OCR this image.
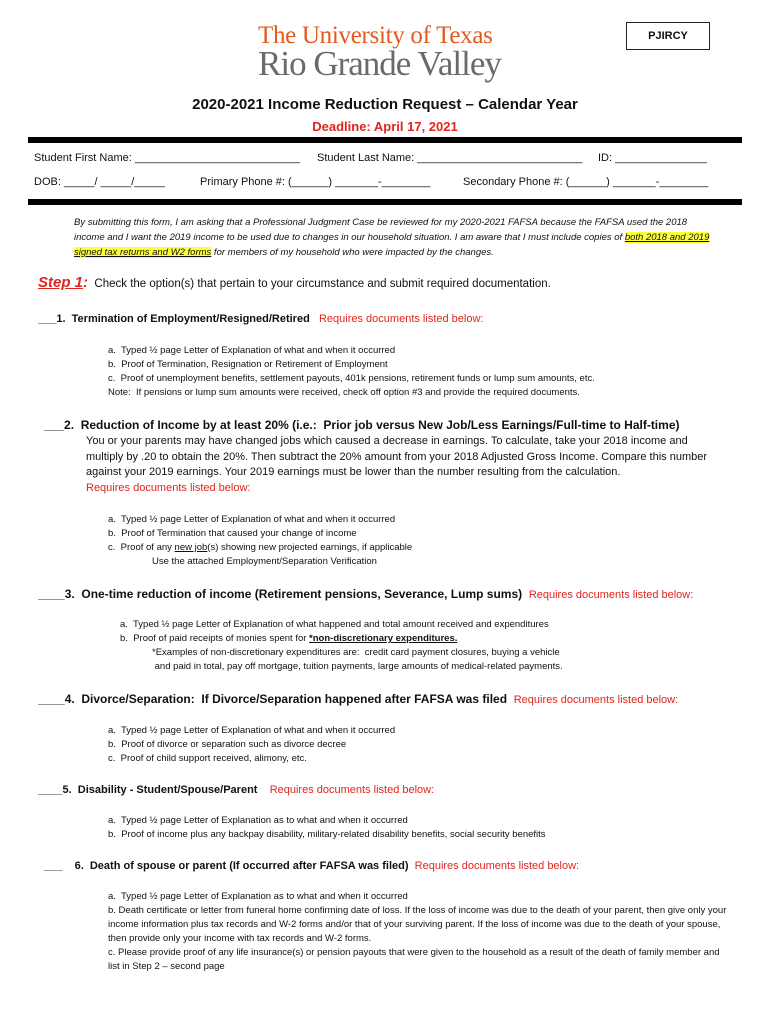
The University of Texas
Rio Grande Valley
PJIRCY
2020-2021 Income Reduction Request – Calendar Year
Deadline: April 17, 2021
Student First Name: ___________________________ Student Last Name: ___________________________ ID: _______________
DOB: _____/ _____/_____	Primary Phone #: (______) _______-________	Secondary Phone #: (______) _______-________
By submitting this form, I am asking that a Professional Judgment Case be reviewed for my 2020-2021 FAFSA because the FAFSA used the 2018 income and I want the 2019 income to be used due to changes in our household situation. I am aware that I must include copies of both 2018 and 2019 signed tax returns and W2 forms for members of my household who were impacted by the changes.
Step 1:  Check the option(s) that pertain to your circumstance and submit required documentation.
___1.  Termination of Employment/Resigned/Retired Requires documents listed below:
a.  Typed ½ page Letter of Explanation of what and when it occurred
b.  Proof of Termination, Resignation or Retirement of Employment
c.  Proof of unemployment benefits, settlement payouts, 401k pensions, retirement funds or lump sum amounts, etc.
Note:  If pensions or lump sum amounts were received, check off option #3 and provide the required documents.
___2.  Reduction of Income by at least 20% (i.e.:  Prior job versus New Job/Less Earnings/Full-time to Half-time)
You or your parents may have changed jobs which caused a decrease in earnings. To calculate, take your 2018 income and multiply by .20 to obtain the 20%. Then subtract the 20% amount from your 2018 Adjusted Gross Income. Compare this number against your 2019 earnings. Your 2019 earnings must be lower than the number resulting from the calculation.
Requires documents listed below:
a.  Typed ½ page Letter of Explanation of what and when it occurred
b.  Proof of Termination that caused your change of income
c.  Proof of any new job(s) showing new projected earnings, if applicable
Use the attached Employment/Separation Verification
____3.  One-time reduction of income (Retirement pensions, Severance, Lump sums) Requires documents listed below:
a.  Typed ½ page Letter of Explanation of what happened and total amount received and expenditures
b.  Proof of paid receipts of monies spent for *non-discretionary expenditures.
*Examples of non-discretionary expenditures are:  credit card payment closures, buying a vehicle
and paid in total, pay off mortgage, tuition payments, large amounts of medical-related payments.
____4.  Divorce/Separation:  If Divorce/Separation happened after FAFSA was filed Requires documents listed below:
a.  Typed ½ page Letter of Explanation of what and when it occurred
b.  Proof of divorce or separation such as divorce decree
c.  Proof of child support received, alimony, etc.
____5.  Disability - Student/Spouse/Parent Requires documents listed below:
a.  Typed ½ page Letter of Explanation as to what and when it occurred
b.  Proof of income plus any backpay disability, military-related disability benefits, social security benefits
___    6.  Death of spouse or parent (If occurred after FAFSA was filed) Requires documents listed below:
a.  Typed ½ page Letter of Explanation as to what and when it occurred
b. Death certificate or letter from funeral home confirming date of loss. If the loss of income was due to the death of your parent, then give only your income information plus tax records and W-2 forms and/or that of your surviving parent. If the loss of income was due to the death of your spouse, then provide only your income with tax records and W-2 forms.
c. Please provide proof of any life insurance(s) or pension payouts that were given to the household as a result of the death of family member and list in Step 2 – second page
